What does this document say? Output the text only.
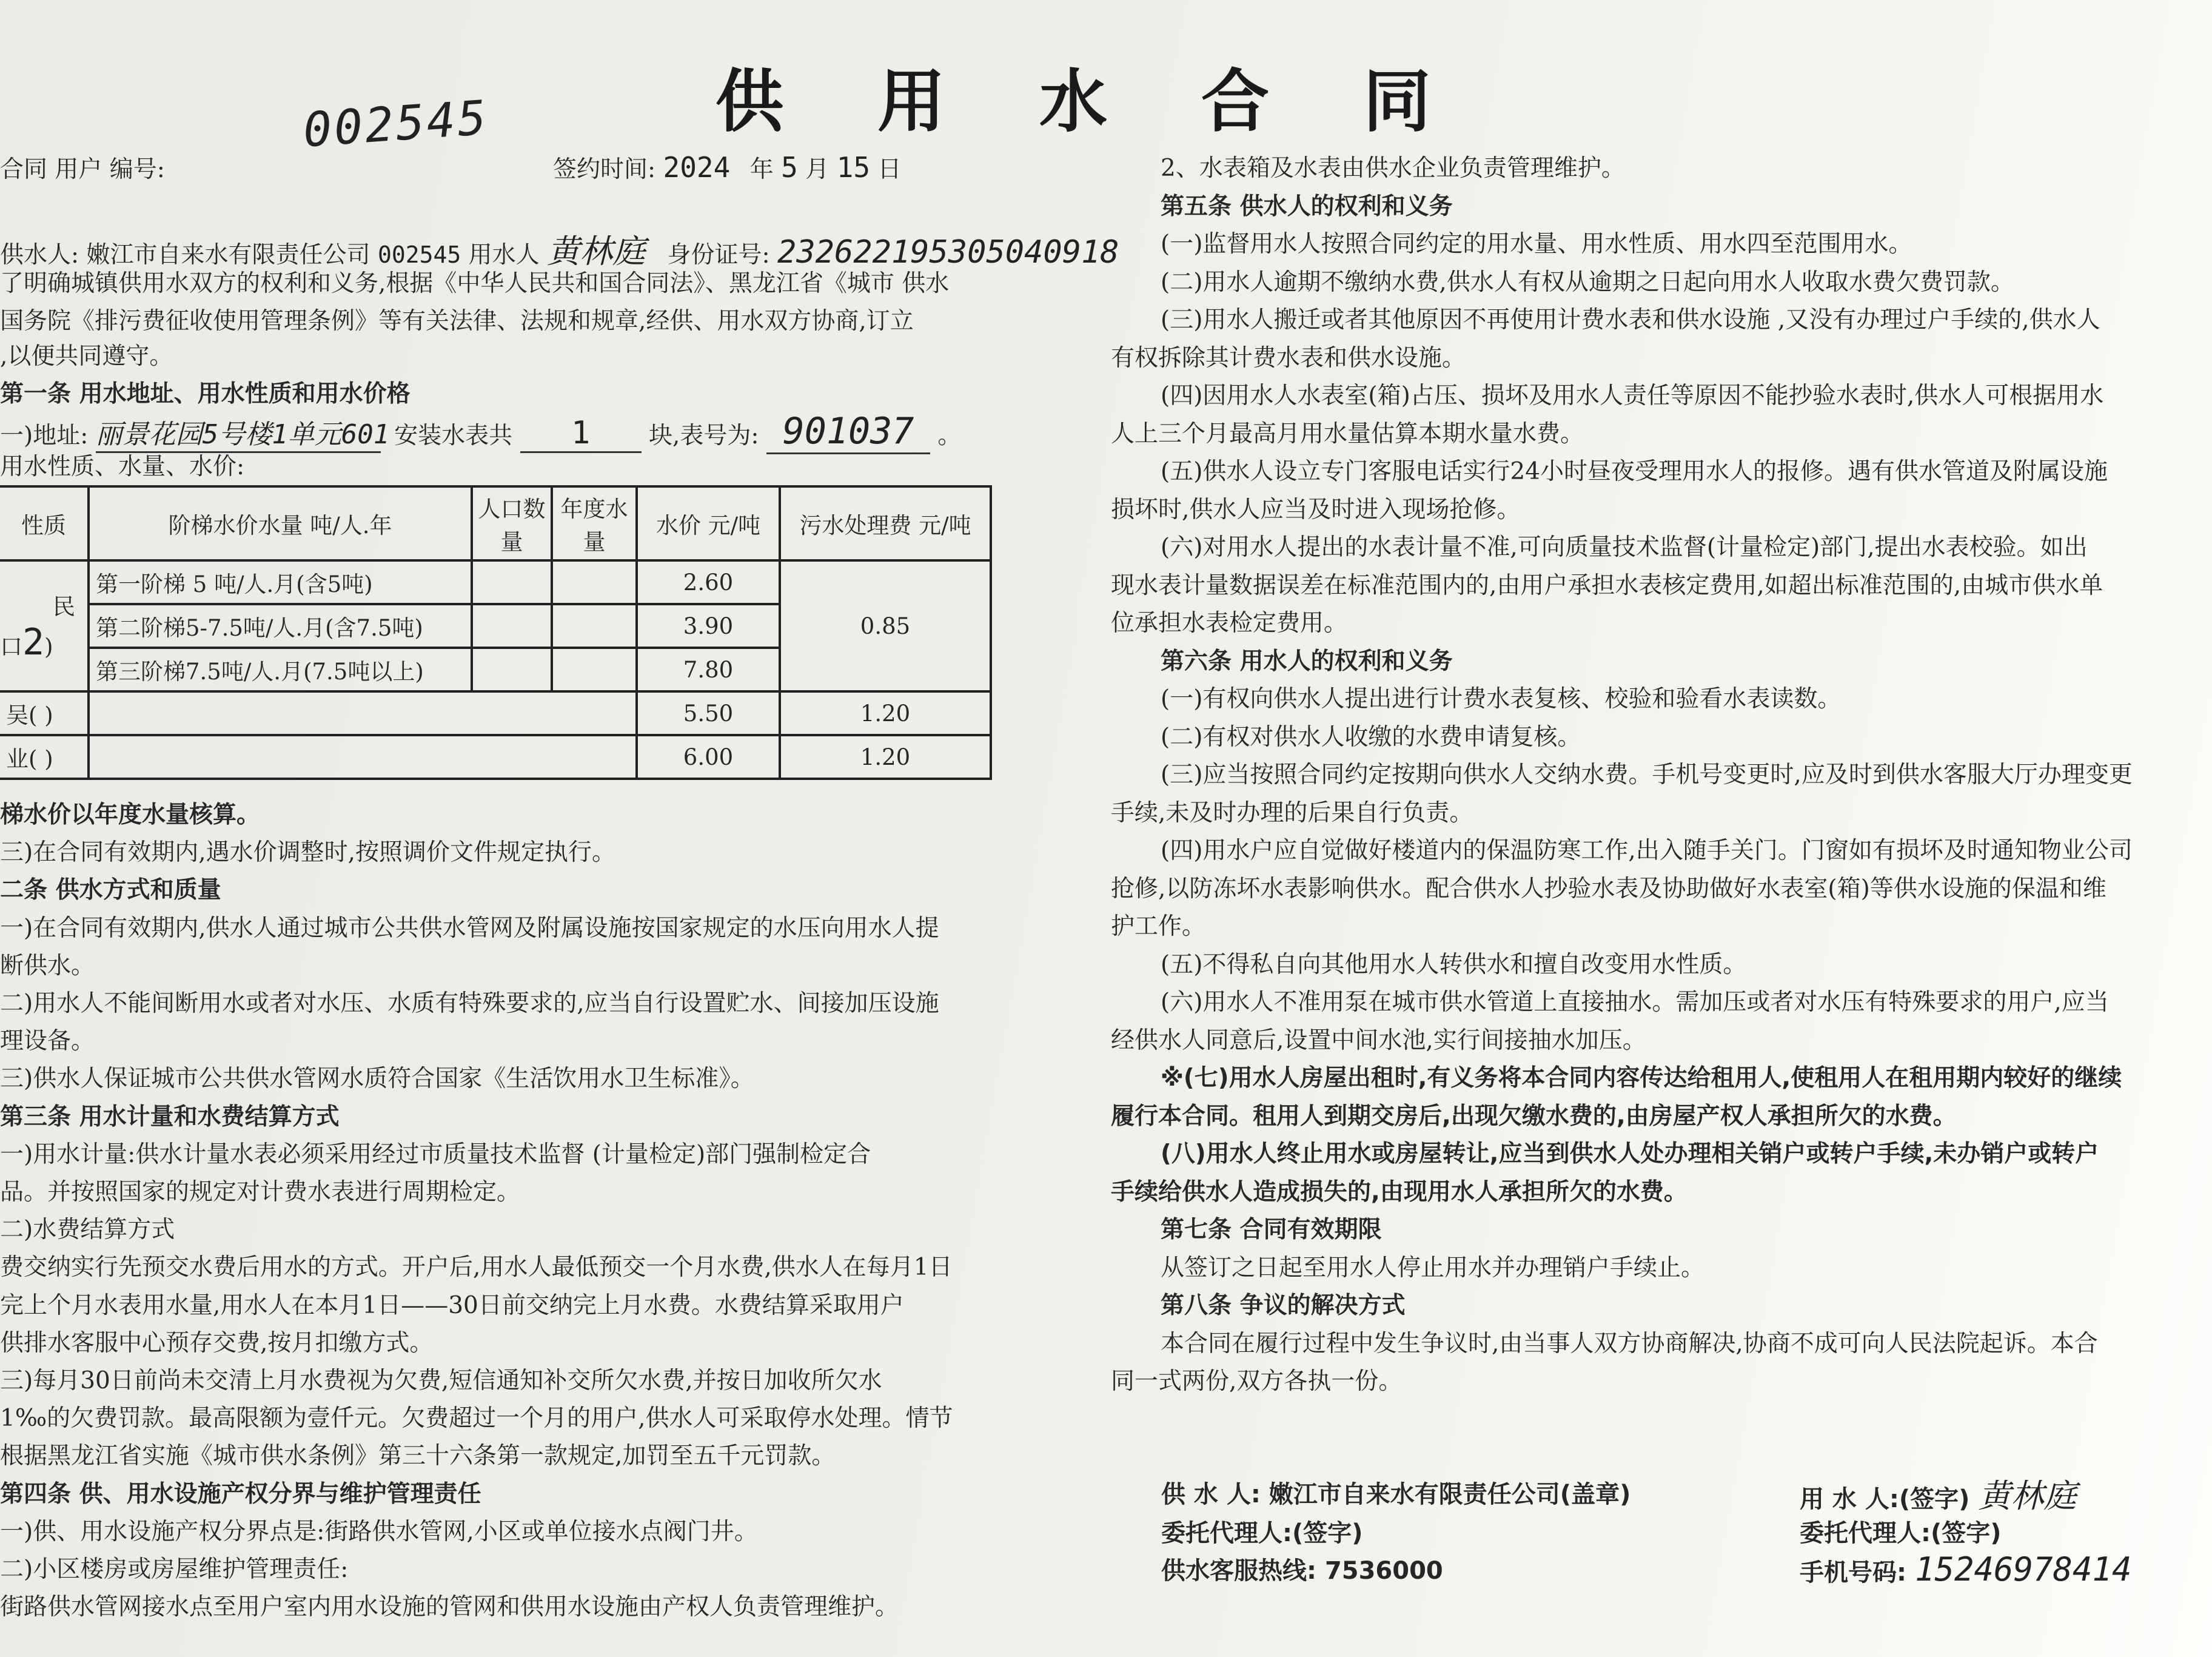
供 用 水 合 同
002545
合同 用户 编号:	签约时间: 2024 年 5 月 15 日
供水人: 嫩江市自来水有限责任公司 002545 用水人 黄林庭 身份证号: 232622195305040918
了明确城镇供用水双方的权利和义务,根据《中华人民共和国合同法》、黑龙江省《城市 供水
国务院《排污费征收使用管理条例》等有关法律、法规和规章,经供、用水双方协商,订立
,以便共同遵守。
第一条 用水地址、用水性质和用水价格
一)地址: 丽景花园5号楼1单元601 安装水表共 1 块,表号为: 901037 。
用水性质、水量、水价:
性质	阶梯水价水量 吨/人.年	人口数量	年度水量	水价 元/吨	污水处理费 元/吨

民
口2)	第一阶梯 5 吨/人.月(含5吨)			2.60	0.85
	第二阶梯5-7.5吨/人.月(含7.5吨)			3.90	
	第三阶梯7.5吨/人.月(7.5吨以上)			7.80	
吴( )				5.50	1.20
业( )				6.00	1.20
梯水价以年度水量核算。
三)在合同有效期内,遇水价调整时,按照调价文件规定执行。
二条 供水方式和质量
一)在合同有效期内,供水人通过城市公共供水管网及附属设施按国家规定的水压向用水人提
断供水。
二)用水人不能间断用水或者对水压、水质有特殊要求的,应当自行设置贮水、间接加压设施
理设备。
三)供水人保证城市公共供水管网水质符合国家《生活饮用水卫生标准》。
第三条 用水计量和水费结算方式
一)用水计量:供水计量水表必须采用经过市质量技术监督 (计量检定)部门强制检定合
品。并按照国家的规定对计费水表进行周期检定。
二)水费结算方式
费交纳实行先预交水费后用水的方式。开户后,用水人最低预交一个月水费,供水人在每月1日
完上个月水表用水量,用水人在本月1日——30日前交纳完上月水费。水费结算采取用户
供排水客服中心预存交费,按月扣缴方式。
三)每月30日前尚未交清上月水费视为欠费,短信通知补交所欠水费,并按日加收所欠水
1‰的欠费罚款。最高限额为壹仟元。欠费超过一个月的用户,供水人可采取停水处理。情节
根据黑龙江省实施《城市供水条例》第三十六条第一款规定,加罚至五千元罚款。
第四条 供、用水设施产权分界与维护管理责任
一)供、用水设施产权分界点是:街路供水管网,小区或单位接水点阀门井。
二)小区楼房或房屋维护管理责任:
街路供水管网接水点至用户室内用水设施的管网和供用水设施由产权人负责管理维护。
2、水表箱及水表由供水企业负责管理维护。
第五条 供水人的权利和义务
(一)监督用水人按照合同约定的用水量、用水性质、用水四至范围用水。
(二)用水人逾期不缴纳水费,供水人有权从逾期之日起向用水人收取水费欠费罚款。
(三)用水人搬迁或者其他原因不再使用计费水表和供水设施 ,又没有办理过户手续的,供水人
有权拆除其计费水表和供水设施。
(四)因用水人水表室(箱)占压、损坏及用水人责任等原因不能抄验水表时,供水人可根据用水
人上三个月最高月用水量估算本期水量水费。
(五)供水人设立专门客服电话实行24小时昼夜受理用水人的报修。遇有供水管道及附属设施
损坏时,供水人应当及时进入现场抢修。
(六)对用水人提出的水表计量不准,可向质量技术监督(计量检定)部门,提出水表校验。如出
现水表计量数据误差在标准范围内的,由用户承担水表核定费用,如超出标准范围的,由城市供水单
位承担水表检定费用。
第六条 用水人的权利和义务
(一)有权向供水人提出进行计费水表复核、校验和验看水表读数。
(二)有权对供水人收缴的水费申请复核。
(三)应当按照合同约定按期向供水人交纳水费。手机号变更时,应及时到供水客服大厅办理变更
手续,未及时办理的后果自行负责。
(四)用水户应自觉做好楼道内的保温防寒工作,出入随手关门。门窗如有损坏及时通知物业公司
抢修,以防冻坏水表影响供水。配合供水人抄验水表及协助做好水表室(箱)等供水设施的保温和维
护工作。
(五)不得私自向其他用水人转供水和擅自改变用水性质。
(六)用水人不准用泵在城市供水管道上直接抽水。需加压或者对水压有特殊要求的用户,应当
经供水人同意后,设置中间水池,实行间接抽水加压。
※(七)用水人房屋出租时,有义务将本合同内容传达给租用人,使租用人在租用期内较好的继续
履行本合同。租用人到期交房后,出现欠缴水费的,由房屋产权人承担所欠的水费。
(八)用水人终止用水或房屋转让,应当到供水人处办理相关销户或转户手续,未办销户或转户
手续给供水人造成损失的,由现用水人承担所欠的水费。
第七条 合同有效期限
从签订之日起至用水人停止用水并办理销户手续止。
第八条 争议的解决方式
本合同在履行过程中发生争议时,由当事人双方协商解决,协商不成可向人民法院起诉。本合
同一式两份,双方各执一份。
供 水 人: 嫩江市自来水有限责任公司(盖章)
委托代理人:(签字)
供水客服热线: 7536000
用 水 人:(签字) 黄林庭
委托代理人:(签字)
手机号码: 15246978414
